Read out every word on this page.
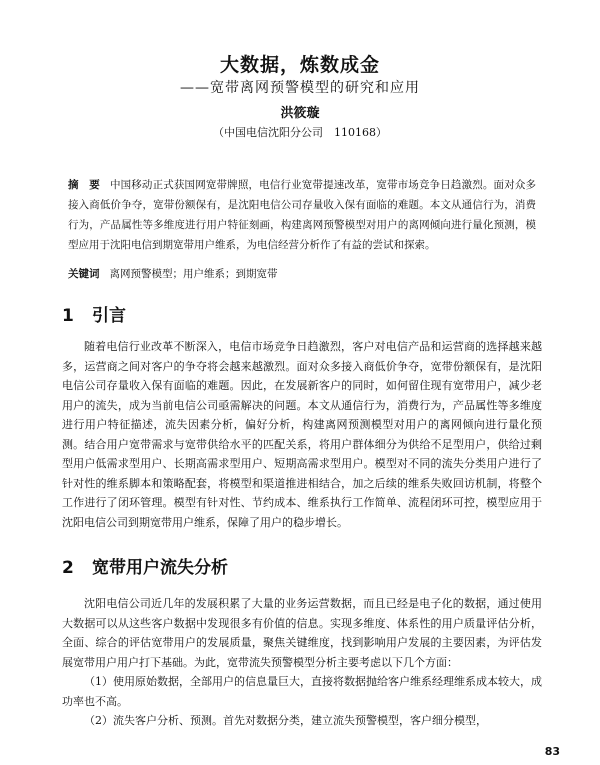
大数据，炼数成金

——宽带离网预警模型的研究和应用

洪筱璇

（中国电信沈阳分公司　110168）

摘　要 中国移动正式获国网宽带牌照，电信行业宽带提速改革，宽带市场竞争日趋激烈。面对众多接入商低价争夺，宽带份额保有，是沈阳电信公司存量收入保有面临的难题。本文从通信行为，消费行为，产品属性等多维度进行用户特征刻画，构建离网预警模型对用户的离网倾向进行量化预测，模型应用于沈阳电信到期宽带用户维系，为电信经营分析作了有益的尝试和探索。

关键词 离网预警模型；用户维系；到期宽带

1 引言

随着电信行业改革不断深入，电信市场竞争日趋激烈，客户对电信产品和运营商的选择越来越多，运营商之间对客户的争夺将会越来越激烈。面对众多接入商低价争夺，宽带份额保有，是沈阳电信公司存量收入保有面临的难题。因此，在发展新客户的同时，如何留住现有宽带用户，减少老用户的流失，成为当前电信公司亟需解决的问题。本文从通信行为，消费行为，产品属性等多维度进行用户特征描述，流失因素分析，偏好分析，构建离网预测模型对用户的离网倾向进行量化预测。结合用户宽带需求与宽带供给水平的匹配关系，将用户群体细分为供给不足型用户，供给过剩型用户低需求型用户、长期高需求型用户、短期高需求型用户。模型对不同的流失分类用户进行了针对性的维系脚本和策略配套，将模型和渠道推进相结合，加之后续的维系失败回访机制，将整个工作进行了闭环管理。模型有针对性、节约成本、维系执行工作简单、流程闭环可控，模型应用于沈阳电信公司到期宽带用户维系，保障了用户的稳步增长。

2 宽带用户流失分析

沈阳电信公司近几年的发展积累了大量的业务运营数据，而且已经是电子化的数据，通过使用大数据可以从这些客户数据中发现很多有价值的信息。实现多维度、体系性的用户质量评估分析，全面、综合的评估宽带用户的发展质量，聚焦关键维度，找到影响用户发展的主要因素，为评估发展宽带用户用户打下基础。为此，宽带流失预警模型分析主要考虑以下几个方面：

（1）使用原始数据，全部用户的信息量巨大，直接将数据抛给客户维系经理维系成本较大，成功率也不高。

（2）流失客户分析、预测。首先对数据分类，建立流失预警模型，客户细分模型，

83
